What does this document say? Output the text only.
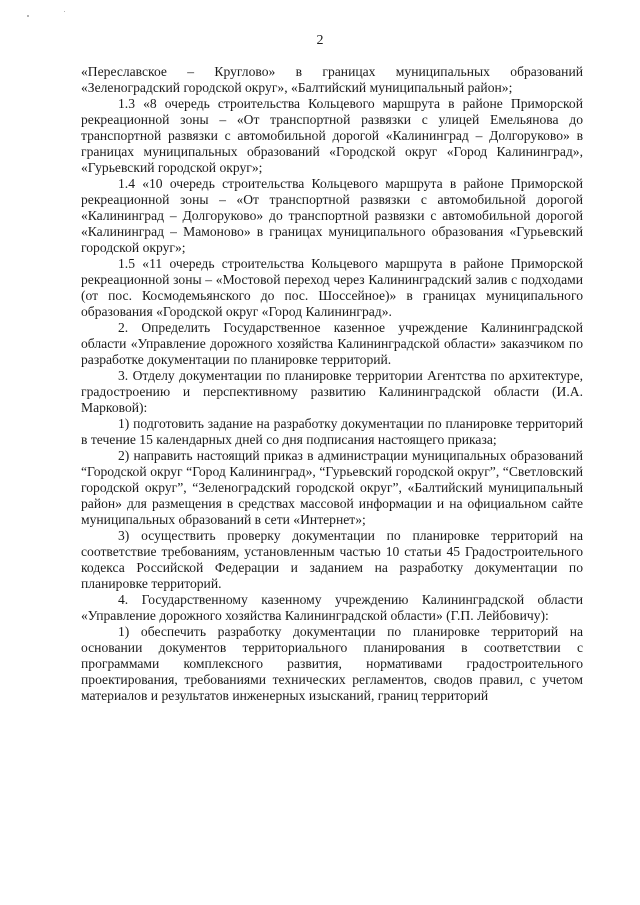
2

«Переславское – Круглово» в границах муниципальных образований «Зеленоградский городской округ», «Балтийский муниципальный район»;

1.3 «8 очередь строительства Кольцевого маршрута в районе Приморской рекреационной зоны – «От транспортной развязки с улицей Емельянова до транспортной развязки с автомобильной дорогой «Калининград – Долгоруково» в границах муниципальных образований «Городской округ «Город Калининград», «Гурьевский городской округ»;

1.4 «10 очередь строительства Кольцевого маршрута в районе Приморской рекреационной зоны – «От транспортной развязки с автомобильной дорогой «Калининград – Долгоруково» до транспортной развязки с автомобильной дорогой «Калининград – Мамоново» в границах муниципального образования «Гурьевский городской округ»;

1.5 «11 очередь строительства Кольцевого маршрута в районе Приморской рекреационной зоны – «Мостовой переход через Калининградский залив с подходами (от пос. Космодемьянского до пос. Шоссейное)» в границах муниципального образования «Городской округ «Город Калининград».

2. Определить Государственное казенное учреждение Калининградской области «Управление дорожного хозяйства Калининградской области» заказчиком по разработке документации по планировке территорий.

3. Отделу документации по планировке территории Агентства по архитектуре, градостроению и перспективному развитию Калининградской области (И.А. Марковой):

1) подготовить задание на разработку документации по планировке территорий в течение 15 календарных дней со дня подписания настоящего приказа;

2) направить настоящий приказ в администрации муниципальных образований “Городской округ “Город Калининград», “Гурьевский городской округ”, “Светловский городской округ”, “Зеленоградский городской округ”, «Балтийский муниципальный район» для размещения в средствах массовой информации и на официальном сайте муниципальных образований в сети «Интернет»;

3) осуществить проверку документации по планировке территорий на соответствие требованиям, установленным частью 10 статьи 45 Градостроительного кодекса Российской Федерации и заданием на разработку документации по планировке территорий.

4. Государственному казенному учреждению Калининградской области «Управление дорожного хозяйства Калининградской области» (Г.П. Лейбовичу):

1) обеспечить разработку документации по планировке территорий на основании документов территориального планирования в соответствии с программами комплексного развития, нормативами градостроительного проектирования, требованиями технических регламентов, сводов правил, с учетом материалов и результатов инженерных изысканий, границ территорий
